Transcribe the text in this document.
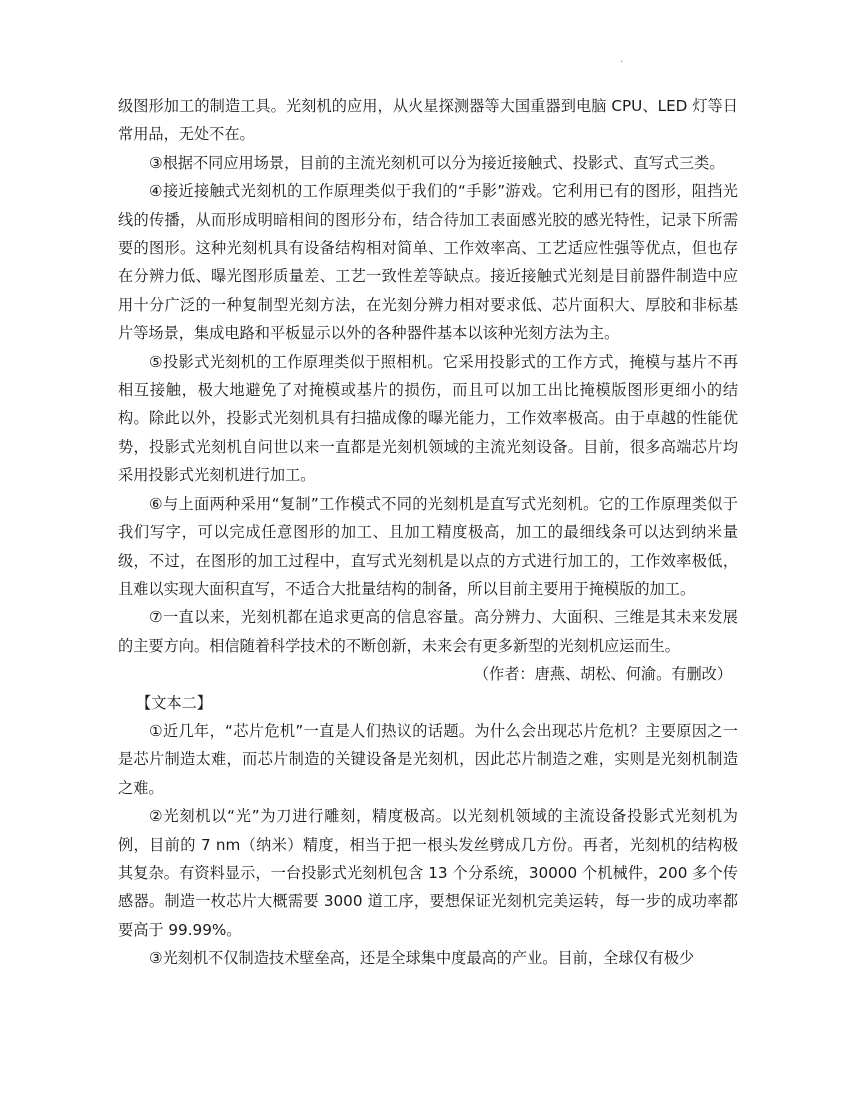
.

级图形加工的制造工具。光刻机的应用，从火星探测器等大国重器到电脑 CPU、LED 灯等日常用品，无处不在。

③根据不同应用场景，目前的主流光刻机可以分为接近接触式、投影式、直写式三类。

④接近接触式光刻机的工作原理类似于我们的“手影”游戏。它利用已有的图形，阻挡光线的传播，从而形成明暗相间的图形分布，结合待加工表面感光胶的感光特性，记录下所需要的图形。这种光刻机具有设备结构相对简单、工作效率高、工艺适应性强等优点，但也存在分辨力低、曝光图形质量差、工艺一致性差等缺点。接近接触式光刻是目前器件制造中应用十分广泛的一种复制型光刻方法，在光刻分辨力相对要求低、芯片面积大、厚胶和非标基片等场景，集成电路和平板显示以外的各种器件基本以该种光刻方法为主。

⑤投影式光刻机的工作原理类似于照相机。它采用投影式的工作方式，掩模与基片不再相互接触，极大地避免了对掩模或基片的损伤，而且可以加工出比掩模版图形更细小的结构。除此以外，投影式光刻机具有扫描成像的曝光能力，工作效率极高。由于卓越的性能优势，投影式光刻机自问世以来一直都是光刻机领域的主流光刻设备。目前，很多高端芯片均采用投影式光刻机进行加工。

⑥与上面两种采用“复制”工作模式不同的光刻机是直写式光刻机。它的工作原理类似于我们写字，可以完成任意图形的加工、且加工精度极高，加工的最细线条可以达到纳米量级，不过，在图形的加工过程中，直写式光刻机是以点的方式进行加工的，工作效率极低，且难以实现大面积直写，不适合大批量结构的制备，所以目前主要用于掩模版的加工。

⑦一直以来，光刻机都在追求更高的信息容量。高分辨力、大面积、三维是其未来发展的主要方向。相信随着科学技术的不断创新，未来会有更多新型的光刻机应运而生。

（作者：唐燕、胡松、何渝。有删改）

【文本二】

①近几年，“芯片危机”一直是人们热议的话题。为什么会出现芯片危机？主要原因之一是芯片制造太难，而芯片制造的关键设备是光刻机，因此芯片制造之难，实则是光刻机制造之难。

②光刻机以“光”为刀进行雕刻，精度极高。以光刻机领域的主流设备投影式光刻机为例，目前的 7 nm（纳米）精度，相当于把一根头发丝劈成几方份。再者，光刻机的结构极其复杂。有资料显示，一台投影式光刻机包含 13 个分系统，30000 个机械件，200 多个传感器。制造一枚芯片大概需要 3000 道工序，要想保证光刻机完美运转，每一步的成功率都要高于 99.99%。

③光刻机不仅制造技术壁垒高，还是全球集中度最高的产业。目前，全球仅有极少
